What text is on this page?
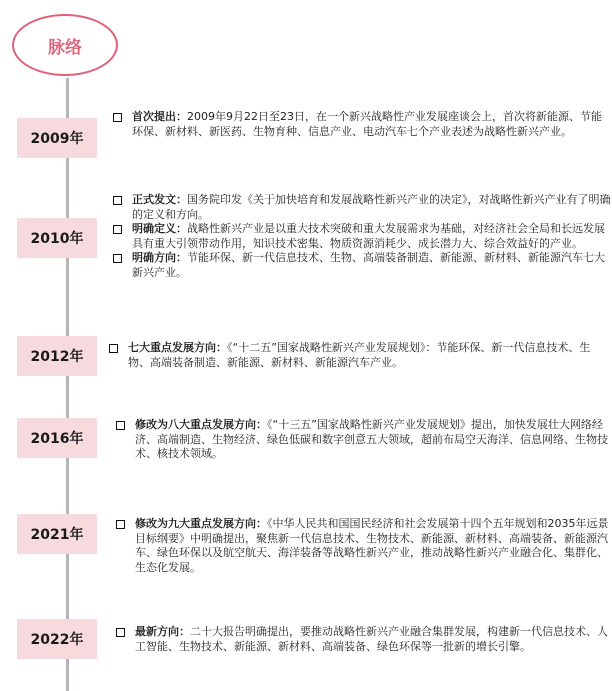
脉络
2009年
首次提出：2009年9月22日至23日，在一个新兴战略性产业发展座谈会上，首次将新能源、节能环保、新材料、新医药、生物育种、信息产业、电动汽车七个产业表述为战略性新兴产业。
2010年
正式发文：国务院印发《关于加快培育和发展战略性新兴产业的决定》，对战略性新兴产业有了明确的定义和方向。
明确定义：战略性新兴产业是以重大技术突破和重大发展需求为基础，对经济社会全局和长远发展具有重大引领带动作用，知识技术密集、物质资源消耗少、成长潜力大、综合效益好的产业。
明确方向：节能环保、新一代信息技术、生物、高端装备制造、新能源、新材料、新能源汽车七大新兴产业。
2012年
七大重点发展方向：《“十二五”国家战略性新兴产业发展规划》：节能环保、新一代信息技术、生物、高端装备制造、新能源、新材料、新能源汽车产业。
2016年
修改为八大重点发展方向：《“十三五”国家战略性新兴产业发展规划》提出，加快发展壮大网络经济、高端制造、生物经济、绿色低碳和数字创意五大领域，超前布局空天海洋、信息网络、生物技术、核技术领域。
2021年
修改为九大重点发展方向：《中华人民共和国国民经济和社会发展第十四个五年规划和2035年远景目标纲要》中明确提出，聚焦新一代信息技术、生物技术、新能源、新材料、高端装备、新能源汽车、绿色环保以及航空航天、海洋装备等战略性新兴产业，推动战略性新兴产业融合化、集群化、生态化发展。
2022年
最新方向：二十大报告明确提出，要推动战略性新兴产业融合集群发展，构建新一代信息技术、人工智能、生物技术、新能源、新材料、高端装备、绿色环保等一批新的增长引擎。
